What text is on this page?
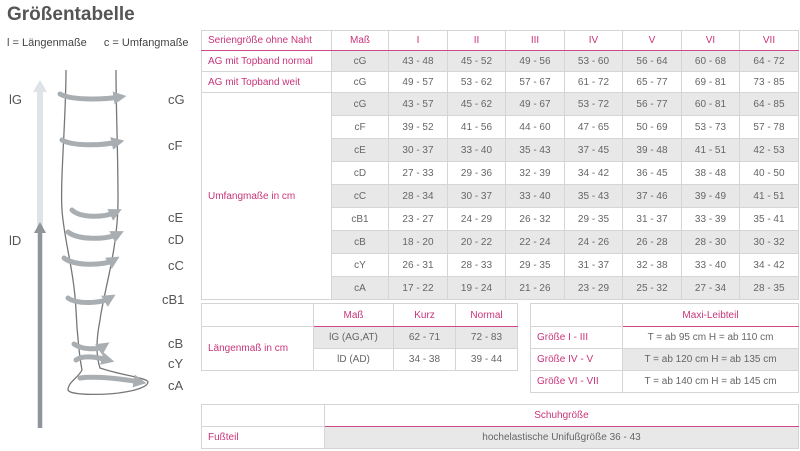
Größentabelle
l = Längenmaße c = Umfangmaße
lG
lD
cG
cF
cE
cD
cC
cB1
cB
cY
cA
Seriengröße ohne Naht	Maß	I	II	III	IV	V	VI	VII
AG mit Topband normal	cG	43 - 48	45 - 52	49 - 56	53 - 60	56 - 64	60 - 68	64 - 72
AG mit Topband weit	cG	49 - 57	53 - 62	57 - 67	61 - 72	65 - 77	69 - 81	73 - 85
Umfangmaße in cm	cG	43 - 57	45 - 62	49 - 67	53 - 72	56 - 77	60 - 81	64 - 85
	cF	39 - 52	41 - 56	44 - 60	47 - 65	50 - 69	53 - 73	57 - 78
	cE	30 - 37	33 - 40	35 - 43	37 - 45	39 - 48	41 - 51	42 - 53
	cD	27 - 33	29 - 36	32 - 39	34 - 42	36 - 45	38 - 48	40 - 50
	cC	28 - 34	30 - 37	33 - 40	35 - 43	37 - 46	39 - 49	41 - 51
	cB1	23 - 27	24 - 29	26 - 32	29 - 35	31 - 37	33 - 39	35 - 41
	cB	18 - 20	20 - 22	22 - 24	24 - 26	26 - 28	28 - 30	30 - 32
	cY	26 - 31	28 - 33	29 - 35	31 - 37	32 - 38	33 - 40	34 - 42
	cA	17 - 22	19 - 24	21 - 26	23 - 29	25 - 32	27 - 34	28 - 35
	Maß	Kurz	Normal
Längenmaß in cm	lG (AG,AT)	62 - 71	72 - 83
	lD (AD)	34 - 38	39 - 44
	Maxi-Leibteil
Größe I - III	T = ab 95 cm H = ab 110 cm
Größe IV - V	T = ab 120 cm H = ab 135 cm
Größe VI - VII	T = ab 140 cm H = ab 145 cm
	Schuhgröße
Fußteil	hochelastische Unifußgröße 36 - 43
